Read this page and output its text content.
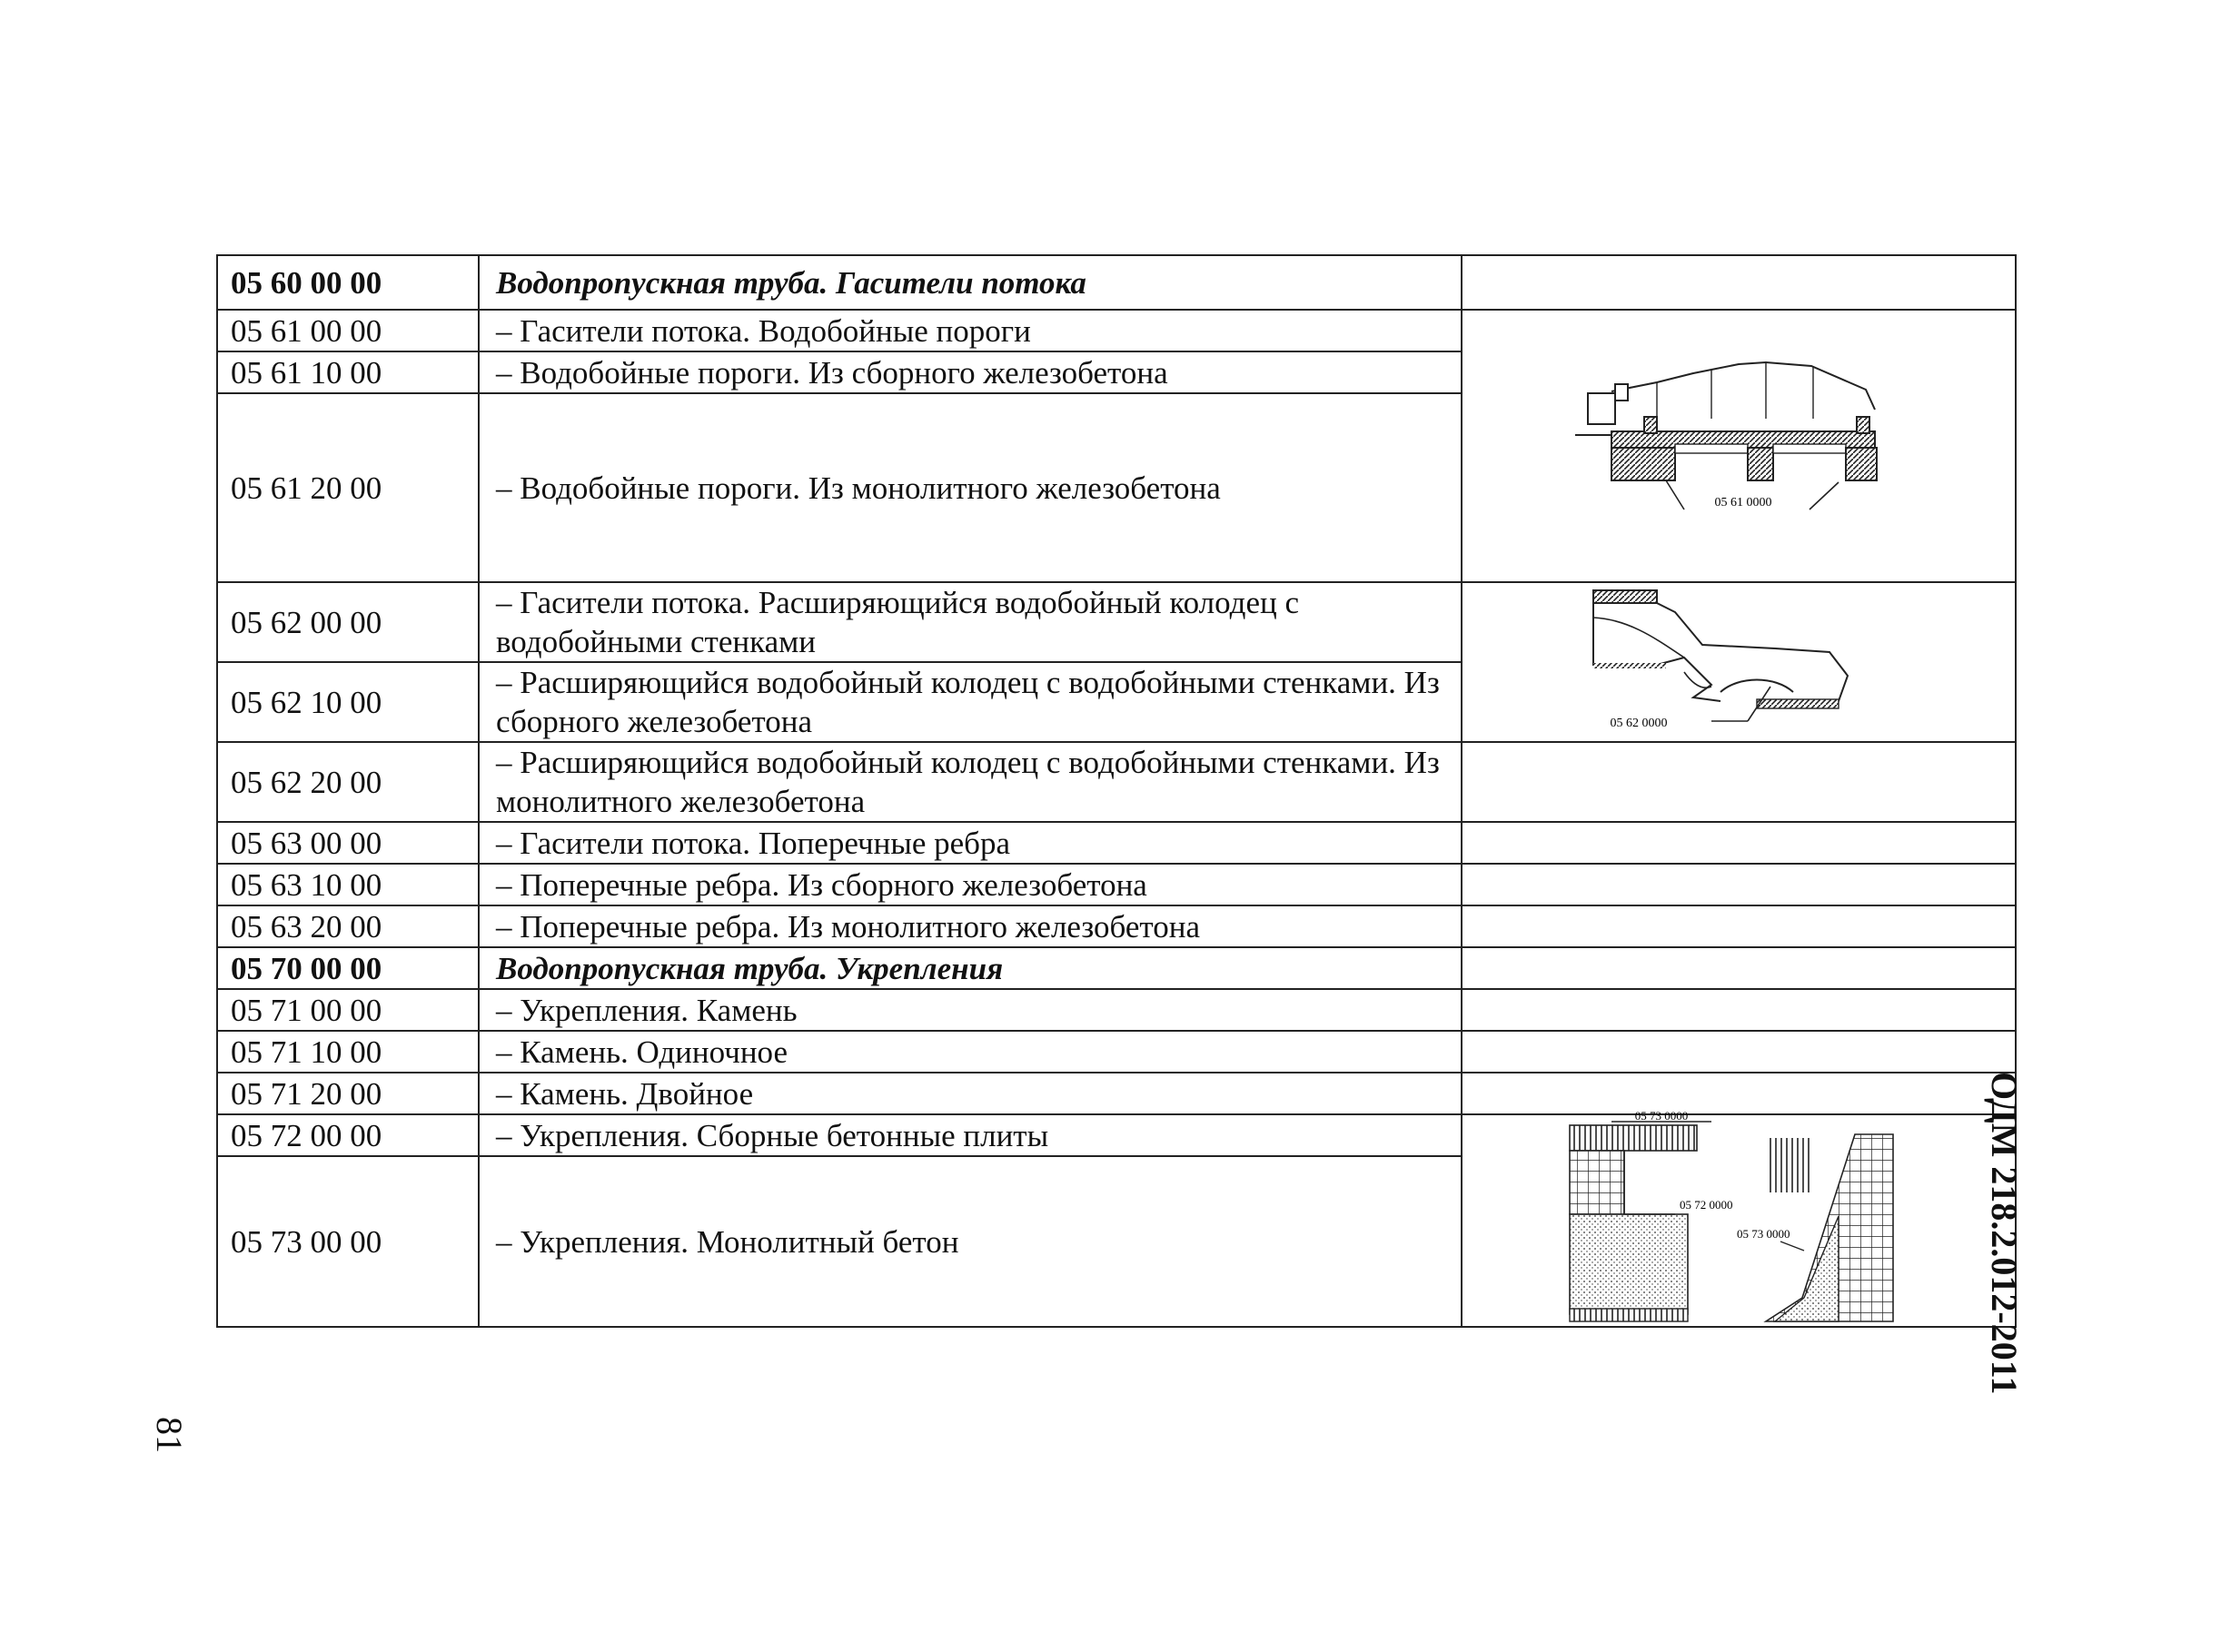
05 60 00 00	Водопропускная труба. Гасители потока	
05 61 00 00	– Гасители потока. Водобойные пороги	05 61 0000

05 61 10 00	– Водобойные пороги. Из сборного железобетона	
05 61 20 00	– Водобойные пороги. Из монолитного железобетона	
05 62 00 00	– Гасители потока. Расширяющийся водобойный колодец с водобойными стенками	05 62 0000

05 62 10 00	– Расширяющийся водобойный колодец с водобойными стенками. Из сборного железобетона	
05 62 20 00	– Расширяющийся водобойный колодец с водобойными стенками. Из монолитного железобетона	
05 63 00 00	– Гасители потока. Поперечные ребра	
05 63 10 00	– Поперечные ребра. Из сборного железобетона	
05 63 20 00	– Поперечные ребра. Из монолитного железобетона	
05 70 00 00	Водопропускная труба. Укрепления	
05 71 00 00	– Укрепления. Камень	
05 71 10 00	– Камень. Одиночное	
05 71 20 00	– Камень. Двойное	
05 72 00 00	– Укрепления. Сборные бетонные плиты	05 73 0000
05 72 0000
05 73 0000

05 73 00 00	– Укрепления. Монолитный бетон		ОДМ 218.2.012-2011
81
